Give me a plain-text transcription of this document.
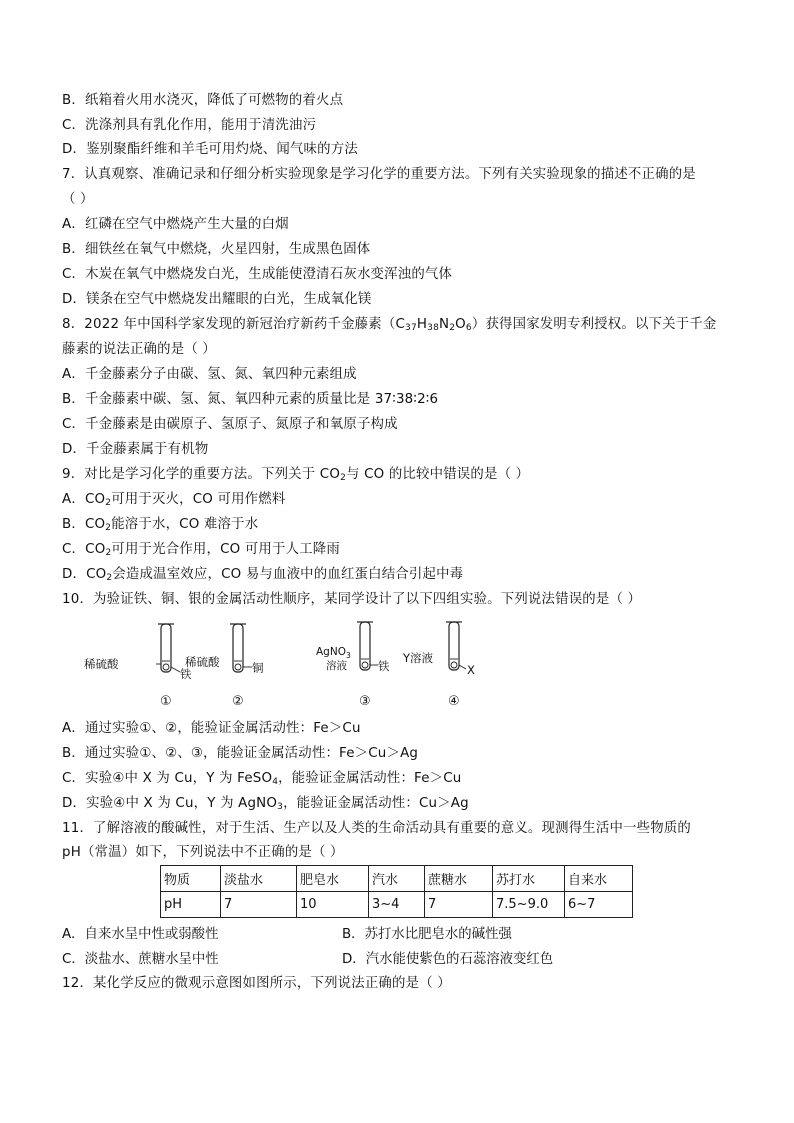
B．纸箱着火用水浇灭，降低了可燃物的着火点
C．洗涤剂具有乳化作用，能用于清洗油污
D．鉴别聚酯纤维和羊毛可用灼烧、闻气味的方法
7．认真观察、准确记录和仔细分析实验现象是学习化学的重要方法。下列有关实验现象的描述不正确的是
（ ）
A．红磷在空气中燃烧产生大量的白烟
B．细铁丝在氧气中燃烧，火星四射，生成黑色固体
C．木炭在氧气中燃烧发白光，生成能使澄清石灰水变浑浊的气体
D．镁条在空气中燃烧发出耀眼的白光，生成氧化镁
8．2022 年中国科学家发现的新冠治疗新药千金藤素$(C_{37}H_{38}N_2O_6)$获得国家发明专利授权。以下关于千金
藤素的说法正确的是（ ）
A．千金藤素分子由碳、氢、氮、氧四种元素组成
B．千金藤素中碳、氢、氮、氧四种元素的质量比是 37∶38∶2∶6
C．千金藤素是由碳原子、氢原子、氮原子和氧原子构成
D．千金藤素属于有机物
9．对比是学习化学的重要方法。下列关于 $CO_2$与 CO 的比较中错误的是（ ）
A．$CO_2$可用于灭火，CO 可用作燃料
B．$CO_2$能溶于水，CO 难溶于水
C．$CO_2$可用于光合作用，CO 可用于人工降雨
D．$CO_2$会造成温室效应，CO 易与血液中的血红蛋白结合引起中毒
10．为验证铁、铜、银的金属活动性顺序，某同学设计了以下四组实验。下列说法错误的是（ ）
稀硫酸
铁
①
稀硫酸	铜
②
AgNO$_3$
溶液	铁
③
Y溶液
X
④
A．通过实验①、②，能验证金属活动性：Fe＞Cu
B．通过实验①、②、③，能验证金属活动性：Fe＞Cu＞Ag
C．实验④中 X 为 Cu，Y 为 FeSO$_4$，能验证金属活动性：Fe＞Cu
D．实验④中 X 为 Cu，Y 为 AgNO$_3$，能验证金属活动性：Cu＞Ag
11．了解溶液的酸碱性，对于生活、生产以及人类的生命活动具有重要的意义。现测得生活中一些物质的
pH（常温）如下，下列说法中不正确的是（ ）
物质	淡盐水	肥皂水	汽水	蔗糖水	苏打水	自来水
pH	7	10	3~4	7	7.5~9.0	6~7
A．自来水呈中性或弱酸性	B．苏打水比肥皂水的碱性强
C．淡盐水、蔗糖水呈中性	D．汽水能使紫色的石蕊溶液变红色
12．某化学反应的微观示意图如图所示，下列说法正确的是（ ）
